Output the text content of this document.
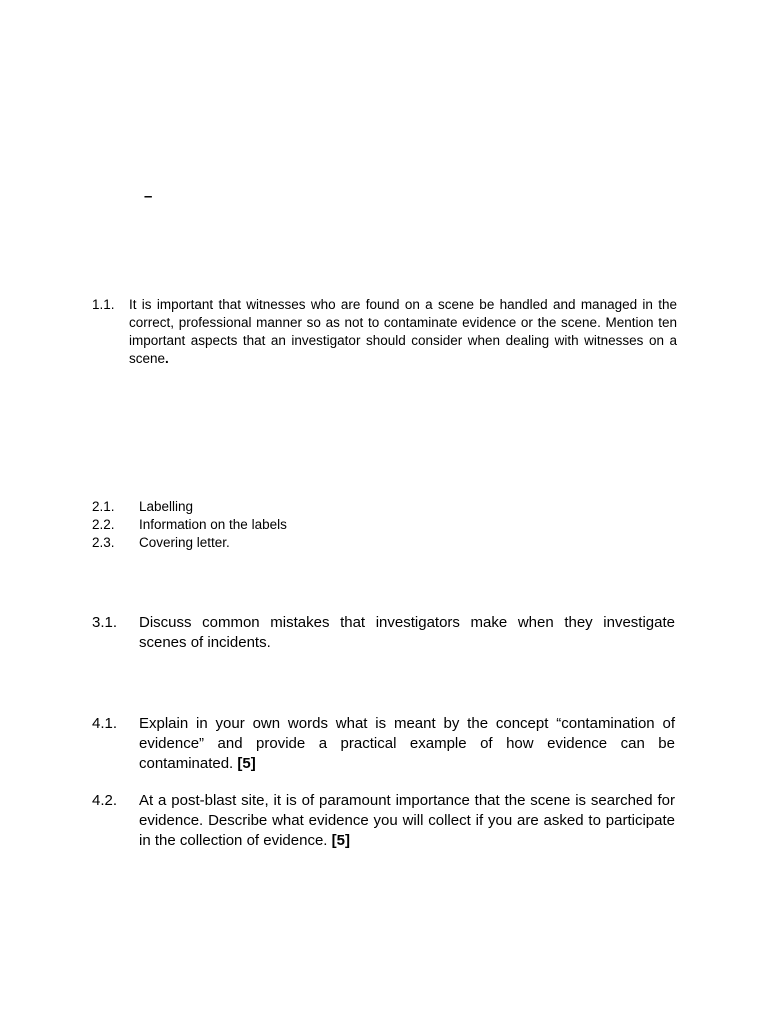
–
1.1. It is important that witnesses who are found on a scene be handled and managed in the correct, professional manner so as not to contaminate evidence or the scene. Mention ten important aspects that an investigator should consider when dealing with witnesses on a scene.
2.1. Labelling
2.2. Information on the labels
2.3. Covering letter.
3.1. Discuss common mistakes that investigators make when they investigate scenes of incidents.
4.1. Explain in your own words what is meant by the concept “contamination of evidence” and provide a practical example of how evidence can be contaminated. [5]
4.2. At a post-blast site, it is of paramount importance that the scene is searched for evidence. Describe what evidence you will collect if you are asked to participate in the collection of evidence. [5]
